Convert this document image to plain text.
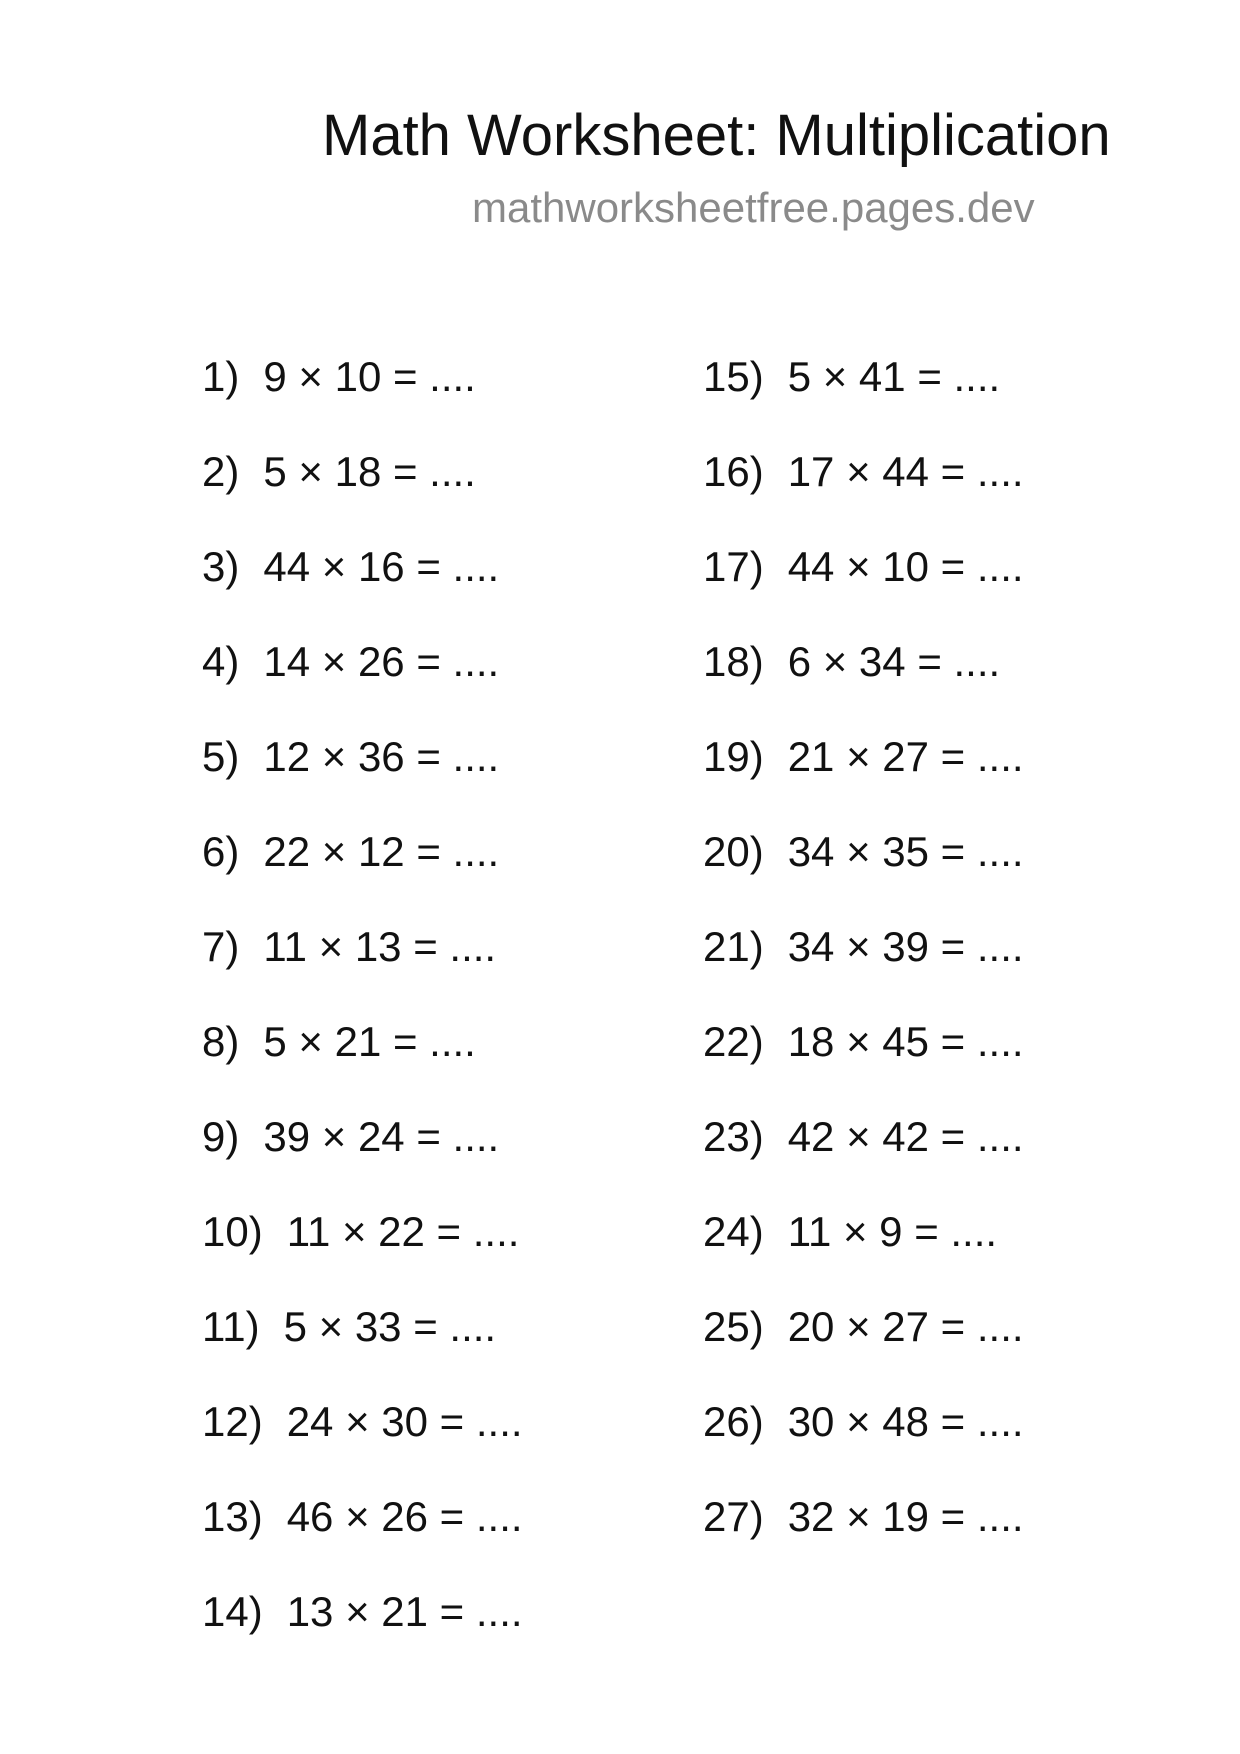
Math Worksheet: Multiplication
mathworksheetfree.pages.dev
1) 9 × 10 = ....
2) 5 × 18 = ....
3) 44 × 16 = ....
4) 14 × 26 = ....
5) 12 × 36 = ....
6) 22 × 12 = ....
7) 11 × 13 = ....
8) 5 × 21 = ....
9) 39 × 24 = ....
10) 11 × 22 = ....
11) 5 × 33 = ....
12) 24 × 30 = ....
13) 46 × 26 = ....
14) 13 × 21 = ....
15) 5 × 41 = ....
16) 17 × 44 = ....
17) 44 × 10 = ....
18) 6 × 34 = ....
19) 21 × 27 = ....
20) 34 × 35 = ....
21) 34 × 39 = ....
22) 18 × 45 = ....
23) 42 × 42 = ....
24) 11 × 9 = ....
25) 20 × 27 = ....
26) 30 × 48 = ....
27) 32 × 19 = ....
